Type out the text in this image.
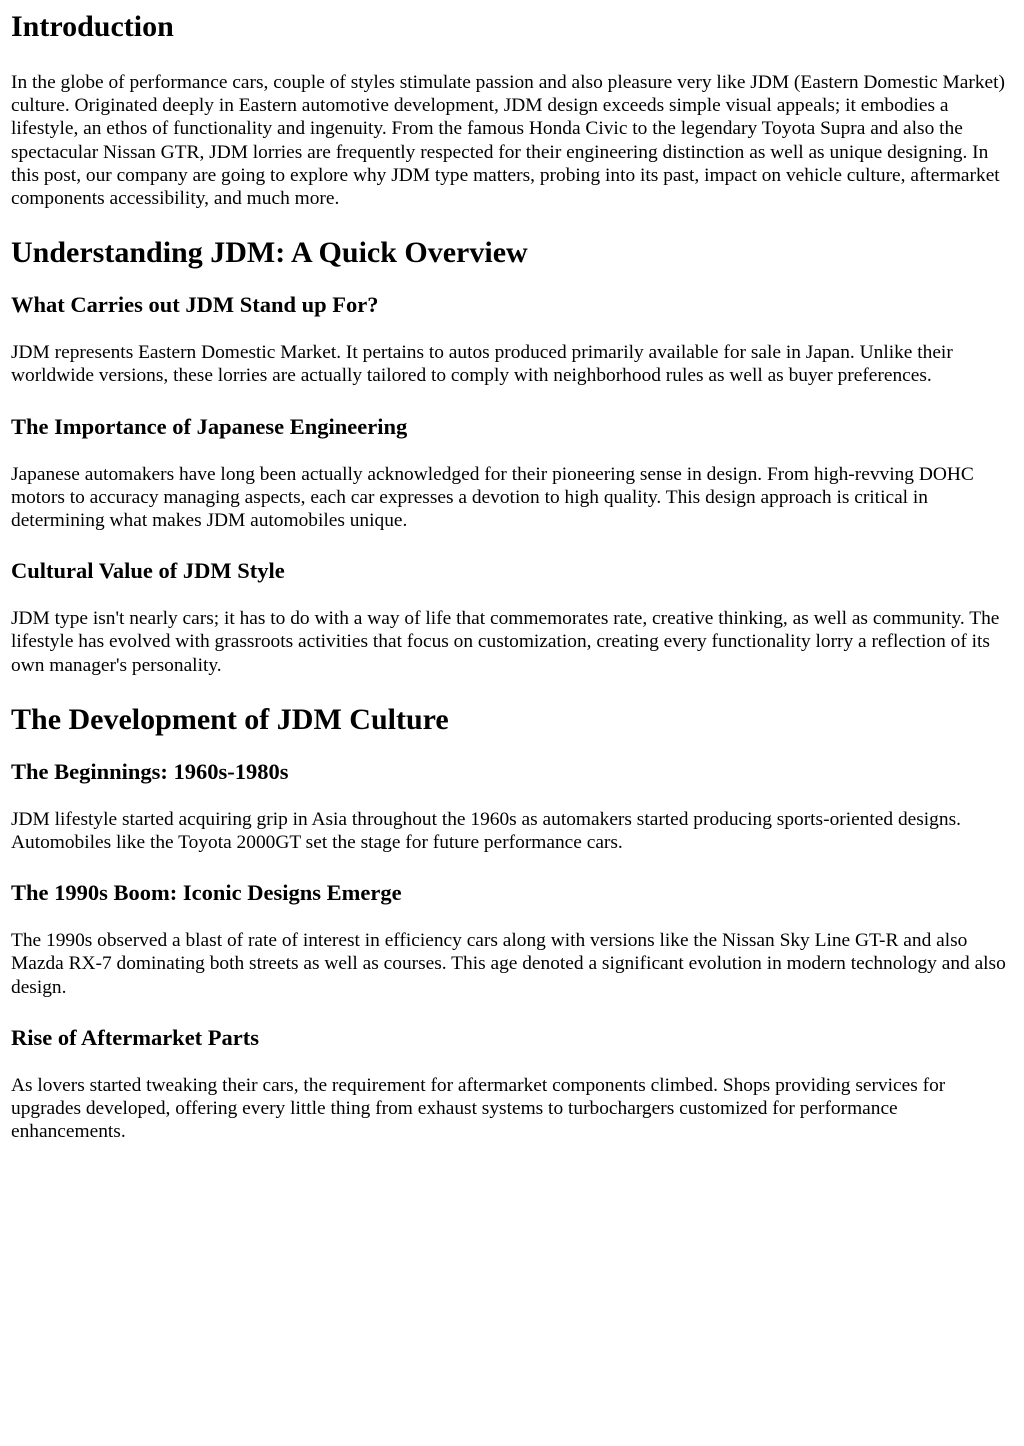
Introduction

In the globe of performance cars, couple of styles stimulate passion and also pleasure very like JDM (Eastern Domestic Market) culture. Originated deeply in Eastern automotive development, JDM design exceeds simple visual appeals; it embodies a lifestyle, an ethos of functionality and ingenuity. From the famous Honda Civic to the legendary Toyota Supra and also the spectacular Nissan GTR, JDM lorries are frequently respected for their engineering distinction as well as unique designing. In this post, our company are going to explore why JDM type matters, probing into its past, impact on vehicle culture, aftermarket components accessibility, and much more.

Understanding JDM: A Quick Overview
What Carries out JDM Stand up For?

JDM represents Eastern Domestic Market. It pertains to autos produced primarily available for sale in Japan. Unlike their worldwide versions, these lorries are actually tailored to comply with neighborhood rules as well as buyer preferences.

The Importance of Japanese Engineering

Japanese automakers have long been actually acknowledged for their pioneering sense in design. From high-revving DOHC motors to accuracy managing aspects, each car expresses a devotion to high quality. This design approach is critical in determining what makes JDM automobiles unique.

Cultural Value of JDM Style

JDM type isn't nearly cars; it has to do with a way of life that commemorates rate, creative thinking, as well as community. The lifestyle has evolved with grassroots activities that focus on customization, creating every functionality lorry a reflection of its own manager's personality.

The Development of JDM Culture
The Beginnings: 1960s-1980s

JDM lifestyle started acquiring grip in Asia throughout the 1960s as automakers started producing sports-oriented designs. Automobiles like the Toyota 2000GT set the stage for future performance cars.

The 1990s Boom: Iconic Designs Emerge

The 1990s observed a blast of rate of interest in efficiency cars along with versions like the Nissan Sky Line GT-R and also Mazda RX-7 dominating both streets as well as courses. This age denoted a significant evolution in modern technology and also design.

Rise of Aftermarket Parts

As lovers started tweaking their cars, the requirement for aftermarket components climbed. Shops providing services for upgrades developed, offering every little thing from exhaust systems to turbochargers customized for performance enhancements.
